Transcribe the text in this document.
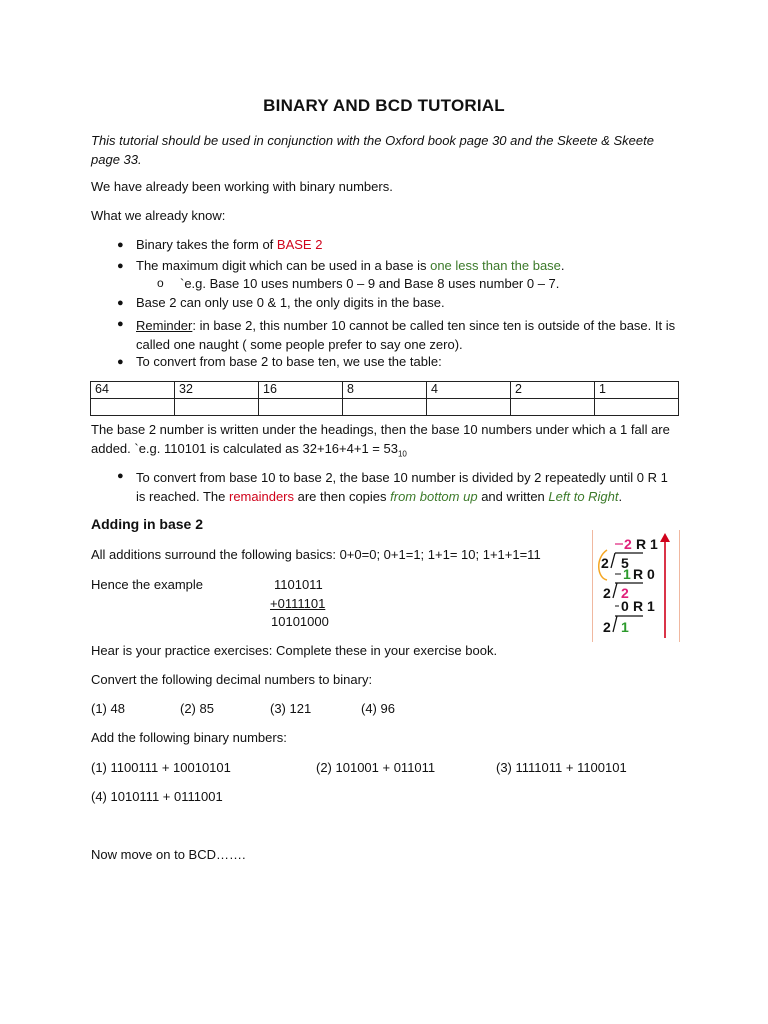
BINARY AND BCD TUTORIAL
This tutorial should be used in conjunction with the Oxford book page 30 and the Skeete & Skeete page 33.
We have already been working with binary numbers.
What we already know:
● Binary takes the form of BASE 2
● The maximum digit which can be used in a base is one less than the base.
o `e.g. Base 10 uses numbers 0 – 9 and Base 8 uses number 0 – 7.
● Base 2 can only use 0 & 1, the only digits in the base.
● Reminder: in base 2, this number 10 cannot be called ten since ten is outside of the base. It is called one naught ( some people prefer to say one zero).
● To convert from base 2 to base ten, we use the table:
64	32	16	8	4	2	1

The base 2 number is written under the headings, then the base 10 numbers under which a 1 fall are added. `e.g. 110101 is calculated as $32+16+4+1 = 53_{10}$
● To convert from base 10 to base 2, the base 10 number is divided by 2 repeatedly until 0 R 1 is reached. The remainders are then copies from bottom up and written Left to Right.
Adding in base 2
All additions surround the following basics: 0+0=0; 0+1=1; 1+1= 10; 1+1+1=11
Hence the example	1101011
+0111101
10101000
2 R 1
2 5
1 R 0
2 2
0 R 1
2 1
Hear is your practice exercises: Complete these in your exercise book.
Convert the following decimal numbers to binary:
(1) 48	(2) 85	(3) 121	(4) 96
Add the following binary numbers:
(1) 1100111 + 10010101	(2) 101001 + 011011	(3) 1111011 + 1100101
(4) 1010111 + 0111001
Now move on to BCD…….
